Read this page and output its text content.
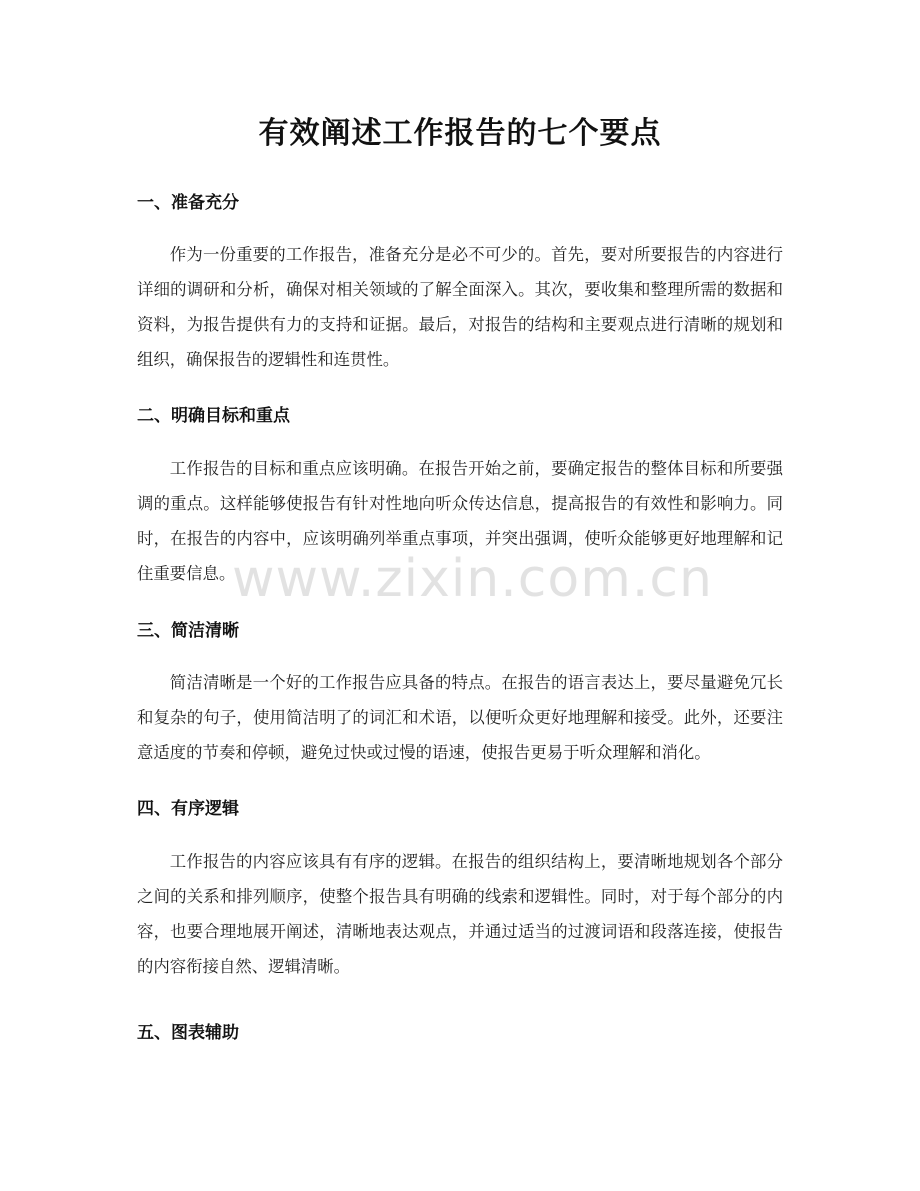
有效阐述工作报告的七个要点
一、准备充分

作为一份重要的工作报告，准备充分是必不可少的。首先，要对所要报告的内容进行详细的调研和分析，确保对相关领域的了解全面深入。其次，要收集和整理所需的数据和资料，为报告提供有力的支持和证据。最后，对报告的结构和主要观点进行清晰的规划和组织，确保报告的逻辑性和连贯性。

二、明确目标和重点

工作报告的目标和重点应该明确。在报告开始之前，要确定报告的整体目标和所要强调的重点。这样能够使报告有针对性地向听众传达信息，提高报告的有效性和影响力。同时，在报告的内容中，应该明确列举重点事项，并突出强调，使听众能够更好地理解和记住重要信息。

三、简洁清晰

简洁清晰是一个好的工作报告应具备的特点。在报告的语言表达上，要尽量避免冗长和复杂的句子，使用简洁明了的词汇和术语，以便听众更好地理解和接受。此外，还要注意适度的节奏和停顿，避免过快或过慢的语速，使报告更易于听众理解和消化。

四、有序逻辑

工作报告的内容应该具有有序的逻辑。在报告的组织结构上，要清晰地规划各个部分之间的关系和排列顺序，使整个报告具有明确的线索和逻辑性。同时，对于每个部分的内容，也要合理地展开阐述，清晰地表达观点，并通过适当的过渡词语和段落连接，使报告的内容衔接自然、逻辑清晰。

五、图表辅助
www.zixin.com.cn
